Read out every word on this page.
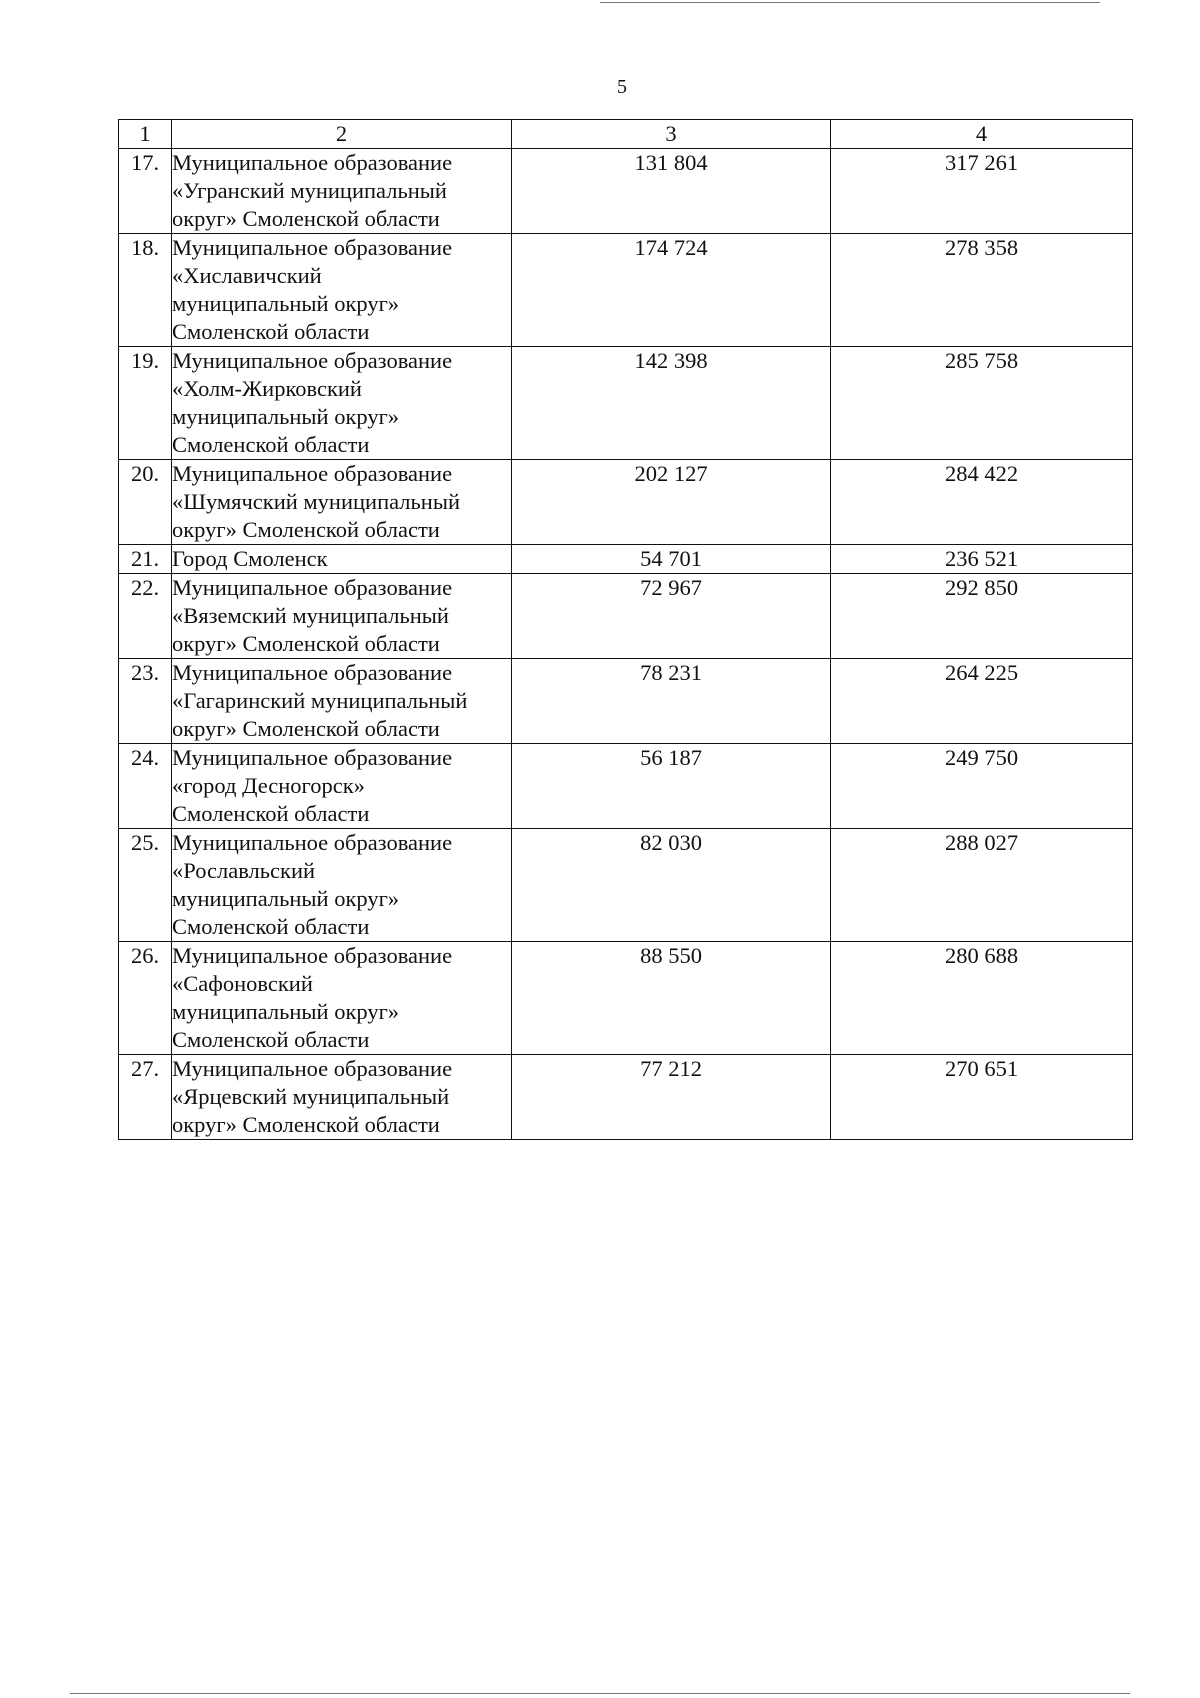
5
1	2	3	4
17.	Муниципальное образование
«Угранский муниципальный
округ» Смоленской области	131 804	317 261
18.	Муниципальное образование
«Хиславичский
муниципальный округ»
Смоленской области	174 724	278 358
19.	Муниципальное образование
«Холм-Жирковский
муниципальный округ»
Смоленской области	142 398	285 758
20.	Муниципальное образование
«Шумячский муниципальный
округ» Смоленской области	202 127	284 422
21.	Город Смоленск	54 701	236 521
22.	Муниципальное образование
«Вяземский муниципальный
округ» Смоленской области	72 967	292 850
23.	Муниципальное образование
«Гагаринский муниципальный
округ» Смоленской области	78 231	264 225
24.	Муниципальное образование
«город Десногорск»
Смоленской области	56 187	249 750
25.	Муниципальное образование
«Рославльский
муниципальный округ»
Смоленской области	82 030	288 027
26.	Муниципальное образование
«Сафоновский
муниципальный округ»
Смоленской области	88 550	280 688
27.	Муниципальное образование
«Ярцевский муниципальный
округ» Смоленской области	77 212	270 651
